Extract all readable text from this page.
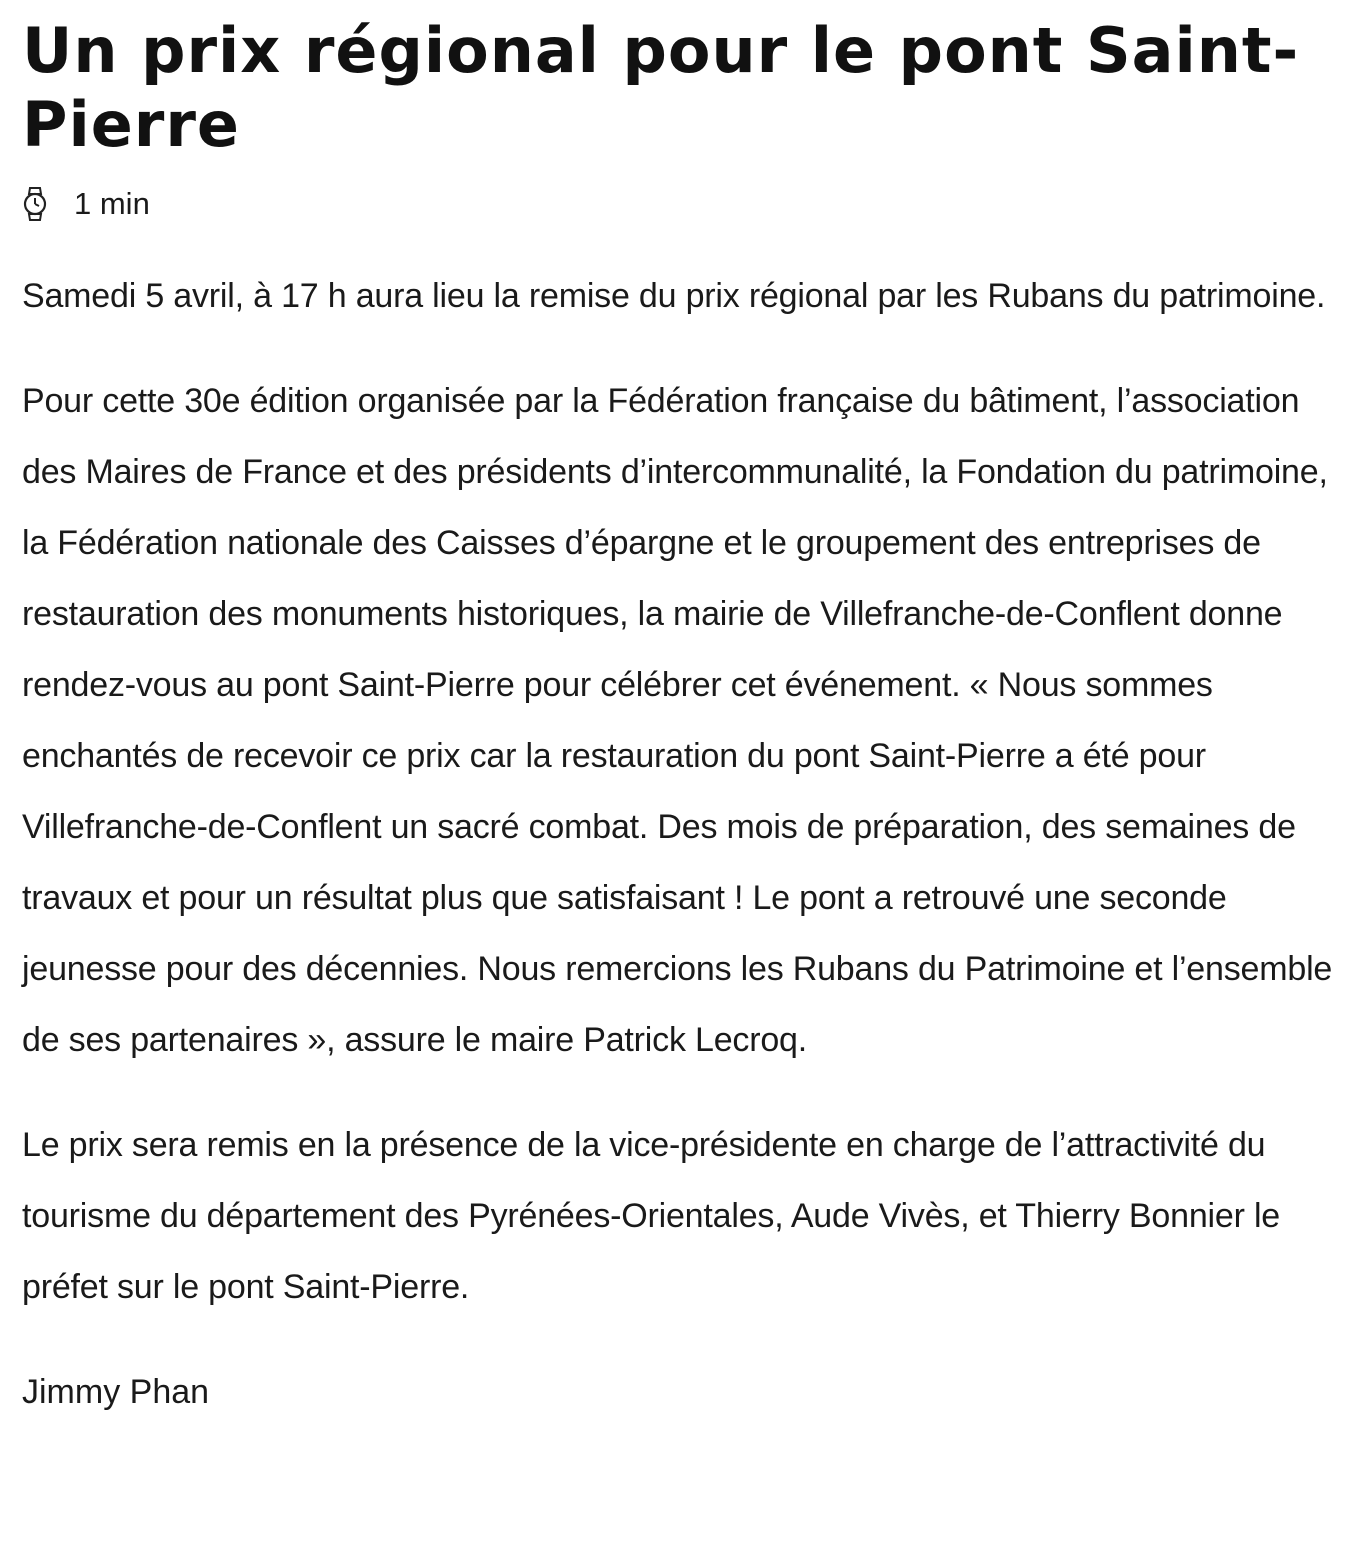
Un prix régional pour le pont Saint-Pierre
1 min

Samedi 5 avril, à 17 h aura lieu la remise du prix régional par les Rubans du patrimoine.

Pour cette 30e édition organisée par la Fédération française du bâtiment, l’association des Maires de France et des présidents d’intercommunalité, la Fondation du patrimoine, la Fédération nationale des Caisses d’épargne et le groupement des entreprises de restauration des monuments historiques, la mairie de Villefranche-de-Conflent donne rendez-vous au pont Saint-Pierre pour célébrer cet événement. « Nous sommes enchantés de recevoir ce prix car la restauration du pont Saint-Pierre a été pour Villefranche-de-Conflent un sacré combat. Des mois de préparation, des semaines de travaux et pour un résultat plus que satisfaisant ! Le pont a retrouvé une seconde jeunesse pour des décennies. Nous remercions les Rubans du Patrimoine et l’ensemble de ses partenaires », assure le maire Patrick Lecroq.

Le prix sera remis en la présence de la vice-présidente en charge de l’attractivité du tourisme du département des Pyrénées-Orientales, Aude Vivès, et Thierry Bonnier le préfet sur le pont Saint-Pierre.

Jimmy Phan
